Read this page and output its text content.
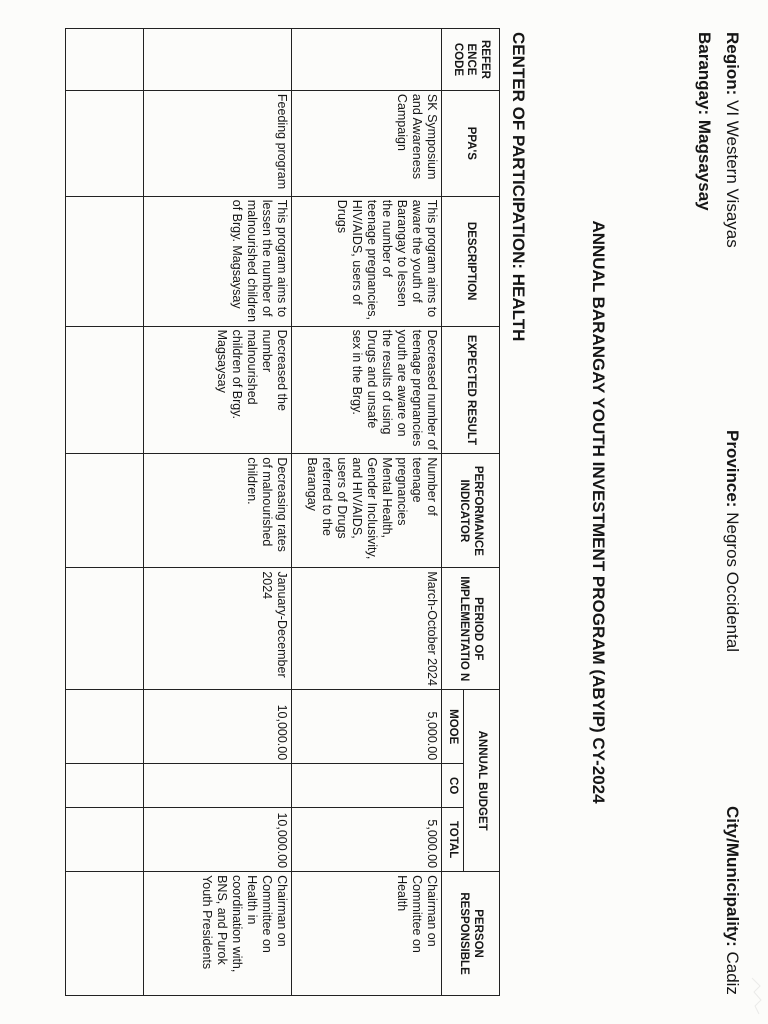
Region: VI Western Visayas
Province: Negros Occidental
City/Municipality: Cadiz
Barangay: Magsaysay
ANNUAL BARANGAY YOUTH INVESTMENT PROGRAM (ABYIP) CY-2024
CENTER OF PARTICIPATION: HEALTH
REFER ENCE CODE	PPA'S	DESCRIPTION	EXPECTED RESULT	PERFORMANCE INDICATOR	PERIOD OF IMPLEMENTATIO N	ANNUAL BUDGET			PERSON RESPONSIBLE
						MOOE	CO	TOTAL	
	SK Symposium and Awareness Campaign	This program aims to aware the youth of Barangay to lessen the number of teenage pregnancies, HIV/AIDS, users of Drugs	Decreased number of teenage pregnancies youth are aware on the results of using Drugs and unsafe sex in the Brgy.	Number of teenage pregnancies Mental Health, Gender Inclusivity, and HIV/AIDS, users of Drugs referred to the Barangay	March-October 2024	5,000.00		5,000.00	Chairman on Committee on Health
	Feeding program	This program aims to lessen the number of malnourished children of Brgy. Magsaysay	Decreased the number malnourished children of Brgy. Magsaysay	Decreasing rates of malnourished children.	January-December 2024	10,000.00		10,000.00	Chairman on Committee on Health in coordination with, BNS, and Purok Youth Presidents
